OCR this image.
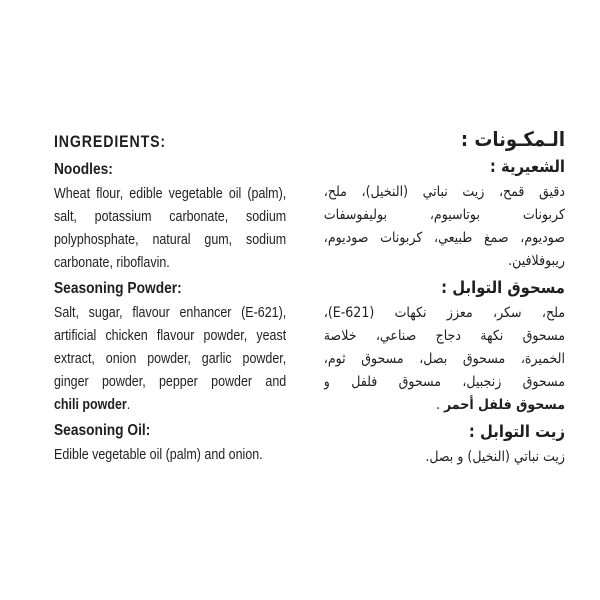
INGREDIENTS:
Noodles:
Wheat flour, edible vegetable oil (palm),
salt, potassium carbonate, sodium
polyphosphate, natural gum, sodium
carbonate, riboflavin.
Seasoning Powder:
Salt, sugar, flavour enhancer (E-621),
artificial chicken flavour powder, yeast
extract, onion powder, garlic powder,
ginger powder, pepper powder and
chili powder.
Seasoning Oil:
Edible vegetable oil (palm) and onion.
الـمكـونات :
الشعيرية :
دقيق قمح، زيت نباتي (النخيل)، ملح،
كربونات بوتاسيوم، بوليفوسفات
صوديوم، صمغ طبيعي، كربونات صوديوم،
ريبوفلافين.
مسحوق التوابل :
ملح، سكر، معزز نكهات (E-621)،
مسحوق نكهة دجاج صناعي، خلاصة
الخميرة، مسحوق بصل، مسحوق ثوم،
مسحوق زنجبيل، مسحوق فلفل و
مسحوق فلفل أحمر .
زيت التوابل :
زيت نباتي (النخيل) و بصل.
